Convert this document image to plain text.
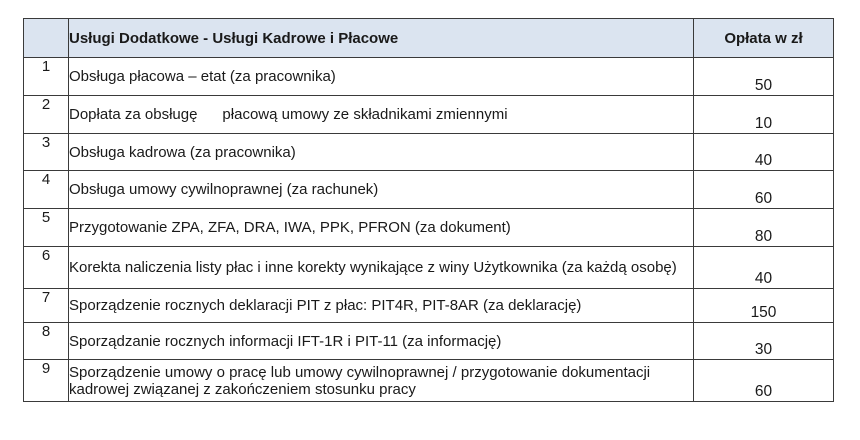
	Usługi Dodatkowe - Usługi Kadrowe i Płacowe	Opłata w zł
1	Obsługa płacowa – etat (za pracownika)	50
2	Dopłata za obsługę      płacową umowy ze składnikami zmiennymi	10
3	Obsługa kadrowa (za pracownika)	40
4	Obsługa umowy cywilnoprawnej (za rachunek)	60
5	Przygotowanie ZPA, ZFA, DRA, IWA, PPK, PFRON (za dokument)	80
6	Korekta naliczenia listy płac i inne korekty wynikające z winy Użytkownika (za każdą osobę)	40
7	Sporządzenie rocznych deklaracji PIT z płac: PIT4R, PIT-8AR (za deklarację)	150
8	Sporządzanie rocznych informacji IFT-1R i PIT-11 (za informację)	30
9	Sporządzenie umowy o pracę lub umowy cywilnoprawnej / przygotowanie dokumentacji kadrowej związanej z zakończeniem stosunku pracy	60
